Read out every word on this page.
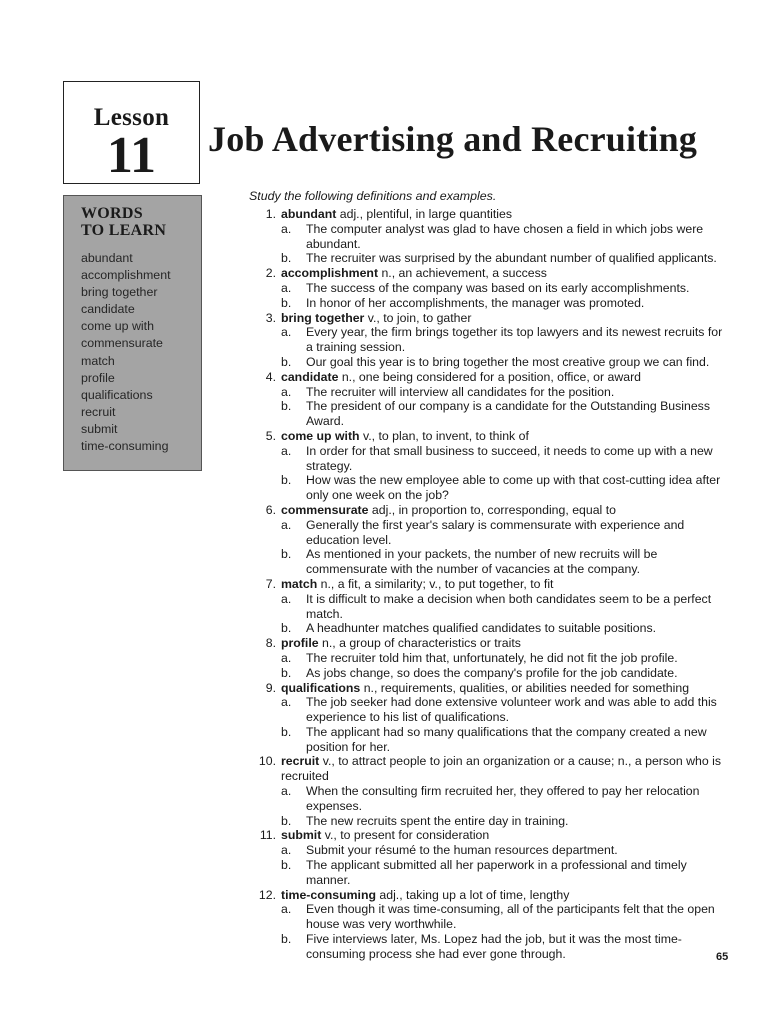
Lesson
11	Job Advertising and Recruiting
WORDS
TO LEARN
abundant
accomplishment
bring together
candidate
come up with
commensurate
match
profile
qualifications
recruit
submit
time-consuming

Study the following definitions and examples.

1. abundant adj., plentiful, in large quantities

a. The computer analyst was glad to have chosen a field in which jobs were abundant.

b. The recruiter was surprised by the abundant number of qualified applicants.

2. accomplishment n., an achievement, a success

a. The success of the company was based on its early accomplishments.

b. In honor of her accomplishments, the manager was promoted.

3. bring together v., to join, to gather

a. Every year, the firm brings together its top lawyers and its newest recruits for a training session.

b. Our goal this year is to bring together the most creative group we can find.

4. candidate n., one being considered for a position, office, or award

a. The recruiter will interview all candidates for the position.

b. The president of our company is a candidate for the Outstanding Business Award.

5. come up with v., to plan, to invent, to think of

a. In order for that small business to succeed, it needs to come up with a new strategy.

b. How was the new employee able to come up with that cost-cutting idea after only one week on the job?

6. commensurate adj., in proportion to, corresponding, equal to

a. Generally the first year's salary is commensurate with experience and education level.

b. As mentioned in your packets, the number of new recruits will be commensurate with the number of vacancies at the company.

7. match n., a fit, a similarity; v., to put together, to fit

a. It is difficult to make a decision when both candidates seem to be a perfect match.

b. A headhunter matches qualified candidates to suitable positions.

8. profile n., a group of characteristics or traits

a. The recruiter told him that, unfortunately, he did not fit the job profile.

b. As jobs change, so does the company's profile for the job candidate.

9. qualifications n., requirements, qualities, or abilities needed for something

a. The job seeker had done extensive volunteer work and was able to add this experience to his list of qualifications.

b. The applicant had so many qualifications that the company created a new position for her.

10. recruit v., to attract people to join an organization or a cause; n., a person who is recruited

a. When the consulting firm recruited her, they offered to pay her relocation expenses.

b. The new recruits spent the entire day in training.

11. submit v., to present for consideration

a. Submit your résumé to the human resources department.

b. The applicant submitted all her paperwork in a professional and timely manner.

12. time-consuming adj., taking up a lot of time, lengthy

a. Even though it was time-consuming, all of the participants felt that the open house was very worthwhile.

b. Five interviews later, Ms. Lopez had the job, but it was the most time-consuming process she had ever gone through.	65
